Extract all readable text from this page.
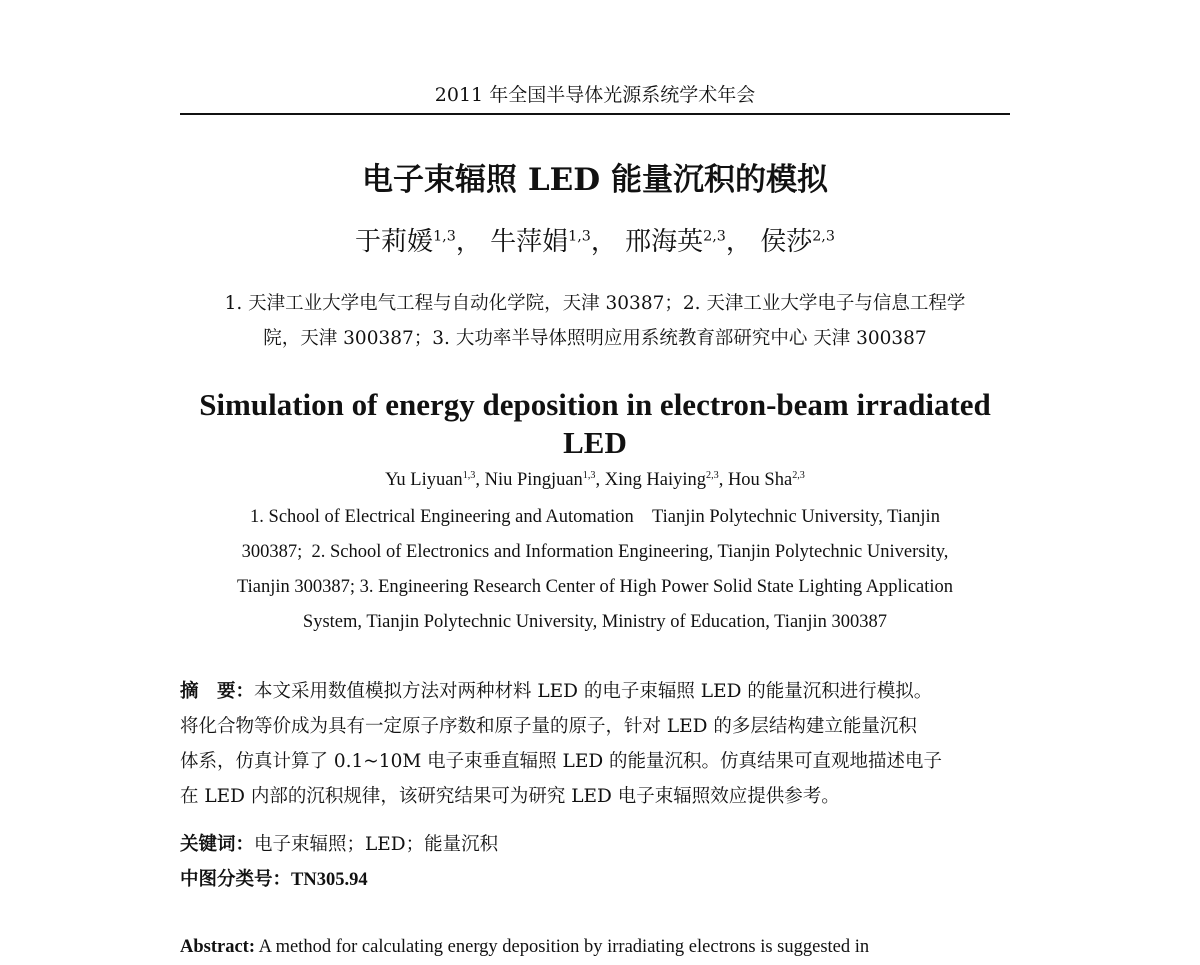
2011 年全国半导体光源系统学术年会
电子束辐照 LED 能量沉积的模拟
于莉媛$^{1,3}$， 牛萍娟$^{1,3}$， 邢海英$^{2,3}$， 侯莎$^{2,3}$
1. 天津工业大学电气工程与自动化学院，天津 30387；2. 天津工业大学电子与信息工程学
院，天津 300387；3. 大功率半导体照明应用系统教育部研究中心 天津 300387
Simulation of energy deposition in electron-beam irradiated
LED
Yu Liyuan$^{1,3}$, Niu Pingjuan$^{1,3}$, Xing Haiying$^{2,3}$, Hou Sha$^{2,3}$
1. School of Electrical Engineering and Automation    Tianjin Polytechnic University, Tianjin
300387;  2. School of Electronics and Information Engineering, Tianjin Polytechnic University,
Tianjin 300387; 3. Engineering Research Center of High Power Solid State Lighting Application
System, Tianjin Polytechnic University, Ministry of Education, Tianjin 300387
摘　要：本文采用数值模拟方法对两种材料 LED 的电子束辐照 LED 的能量沉积进行模拟。
将化合物等价成为具有一定原子序数和原子量的原子，针对 LED 的多层结构建立能量沉积
体系，仿真计算了 0.1~10M 电子束垂直辐照 LED 的能量沉积。仿真结果可直观地描述电子
在 LED 内部的沉积规律，该研究结果可为研究 LED 电子束辐照效应提供参考。
关键词：电子束辐照；LED；能量沉积
中图分类号：TN305.94
Abstract: A method for calculating energy deposition by irradiating electrons is suggested in
